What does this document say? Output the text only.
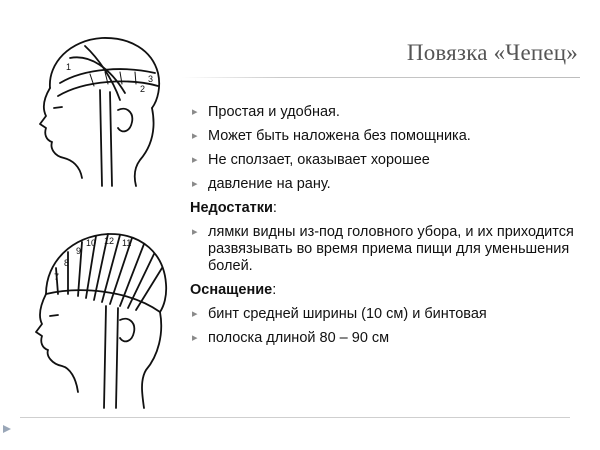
1
2
3
10 12 11
9
8
7
Повязка «Чепец»
▸ Простая и удобная.
▸ Может быть наложена без помощника.
▸ Не сползает, оказывает хорошее
▸ давление на рану.
Недостатки:
▸ лямки видны из-под головного убора, и их приходится развязывать во время приема пищи для уменьшения болей.
Оснащение:
▸ бинт средней ширины (10 см) и бинтовая
▸ полоска длиной 80 – 90 см
